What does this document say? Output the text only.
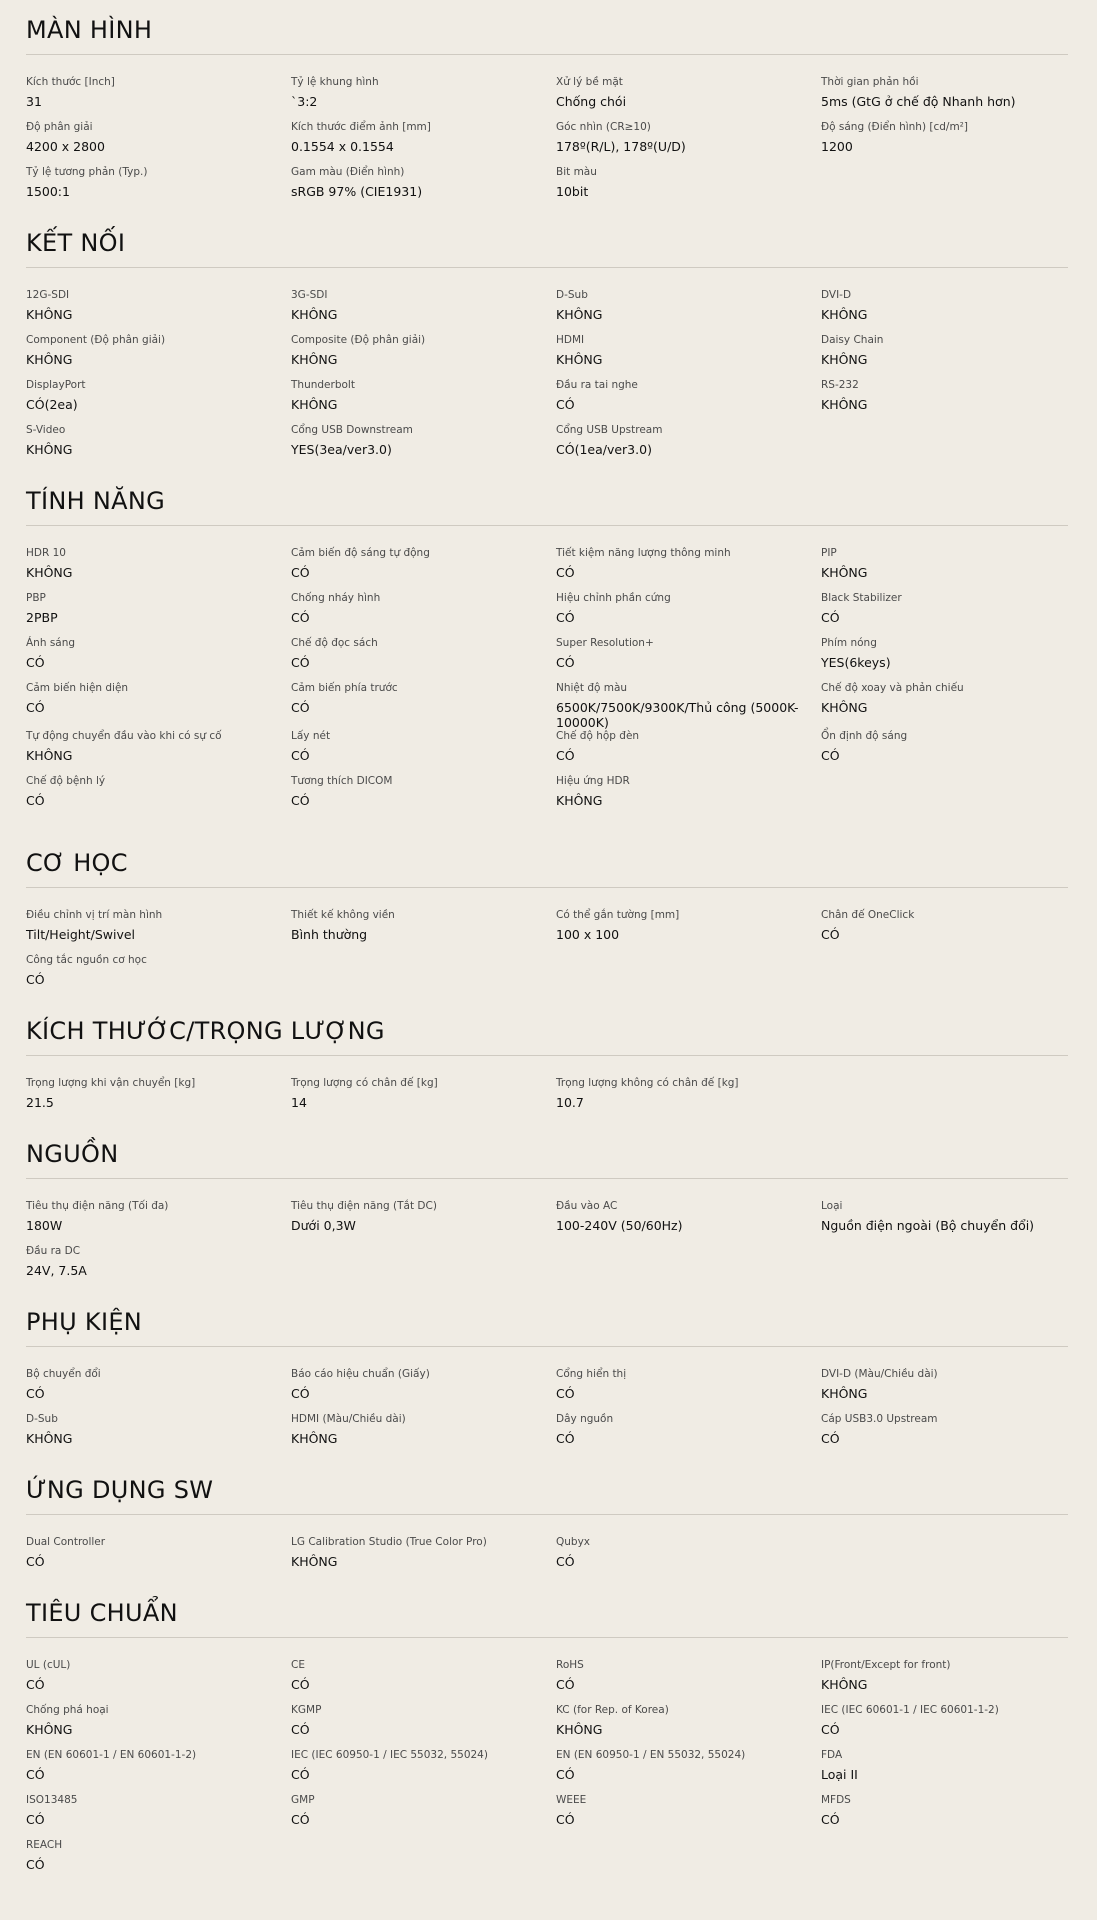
MÀN HÌNH
Kích thước [Inch]
31
Tỷ lệ khung hình
`3:2
Xử lý bề mặt
Chống chói
Thời gian phản hồi
5ms (GtG ở chế độ Nhanh hơn)
Độ phân giải
4200 x 2800
Kích thước điểm ảnh [mm]
0.1554 x 0.1554
Góc nhìn (CR≥10)
178º(R/L), 178º(U/D)
Độ sáng (Điển hình) [cd/m²]
1200
Tỷ lệ tương phản (Typ.)
1500:1
Gam màu (Điển hình)
sRGB 97% (CIE1931)
Bit màu
10bit
KẾT NỐI
12G-SDI
KHÔNG
3G-SDI
KHÔNG
D-Sub
KHÔNG
DVI-D
KHÔNG
Component (Độ phân giải)
KHÔNG
Composite (Độ phân giải)
KHÔNG
HDMI
KHÔNG
Daisy Chain
KHÔNG
DisplayPort
CÓ(2ea)
Thunderbolt
KHÔNG
Đầu ra tai nghe
CÓ
RS-232
KHÔNG
S-Video
KHÔNG
Cổng USB Downstream
YES(3ea/ver3.0)
Cổng USB Upstream
CÓ(1ea/ver3.0)
TÍNH NĂNG
HDR 10
KHÔNG
Cảm biến độ sáng tự động
CÓ
Tiết kiệm năng lượng thông minh
CÓ
PIP
KHÔNG
PBP
2PBP
Chống nháy hình
CÓ
Hiệu chỉnh phần cứng
CÓ
Black Stabilizer
CÓ
Ánh sáng
CÓ
Chế độ đọc sách
CÓ
Super Resolution+
CÓ
Phím nóng
YES(6keys)
Cảm biến hiện diện
CÓ
Cảm biến phía trước
CÓ
Nhiệt độ màu
6500K/7500K/9300K/Thủ công (5000K-10000K)
Chế độ xoay và phản chiếu
KHÔNG
Tự động chuyển đầu vào khi có sự cố
KHÔNG
Lấy nét
CÓ
Chế độ hộp đèn
CÓ
Ổn định độ sáng
CÓ
Chế độ bệnh lý
CÓ
Tương thích DICOM
CÓ
Hiệu ứng HDR
KHÔNG
CƠ HỌC
Điều chỉnh vị trí màn hình
Tilt/Height/Swivel
Thiết kế không viền
Bình thường
Có thể gắn tường [mm]
100 x 100
Chân đế OneClick
CÓ
Công tắc nguồn cơ học
CÓ
KÍCH THƯỚC/TRỌNG LƯỢNG
Trọng lượng khi vận chuyển [kg]
21.5
Trọng lượng có chân đế [kg]
14
Trọng lượng không có chân đế [kg]
10.7
NGUỒN
Tiêu thụ điện năng (Tối đa)
180W
Tiêu thụ điện năng (Tắt DC)
Dưới 0,3W
Đầu vào AC
100-240V (50/60Hz)
Loại
Nguồn điện ngoài (Bộ chuyển đổi)
Đầu ra DC
24V, 7.5A
PHỤ KIỆN
Bộ chuyển đổi
CÓ
Báo cáo hiệu chuẩn (Giấy)
CÓ
Cổng hiển thị
CÓ
DVI-D (Màu/Chiều dài)
KHÔNG
D-Sub
KHÔNG
HDMI (Màu/Chiều dài)
KHÔNG
Dây nguồn
CÓ
Cáp USB3.0 Upstream
CÓ
ỨNG DỤNG SW
Dual Controller
CÓ
LG Calibration Studio (True Color Pro)
KHÔNG
Qubyx
CÓ
TIÊU CHUẨN
UL (cUL)
CÓ
CE
CÓ
RoHS
CÓ
IP(Front/Except for front)
KHÔNG
Chống phá hoại
KHÔNG
KGMP
CÓ
KC (for Rep. of Korea)
KHÔNG
IEC (IEC 60601-1 / IEC 60601-1-2)
CÓ
EN (EN 60601-1 / EN 60601-1-2)
CÓ
IEC (IEC 60950-1 / IEC 55032, 55024)
CÓ
EN (EN 60950-1 / EN 55032, 55024)
CÓ
FDA
Loại II
ISO13485
CÓ
GMP
CÓ
WEEE
CÓ
MFDS
CÓ
REACH
CÓ
